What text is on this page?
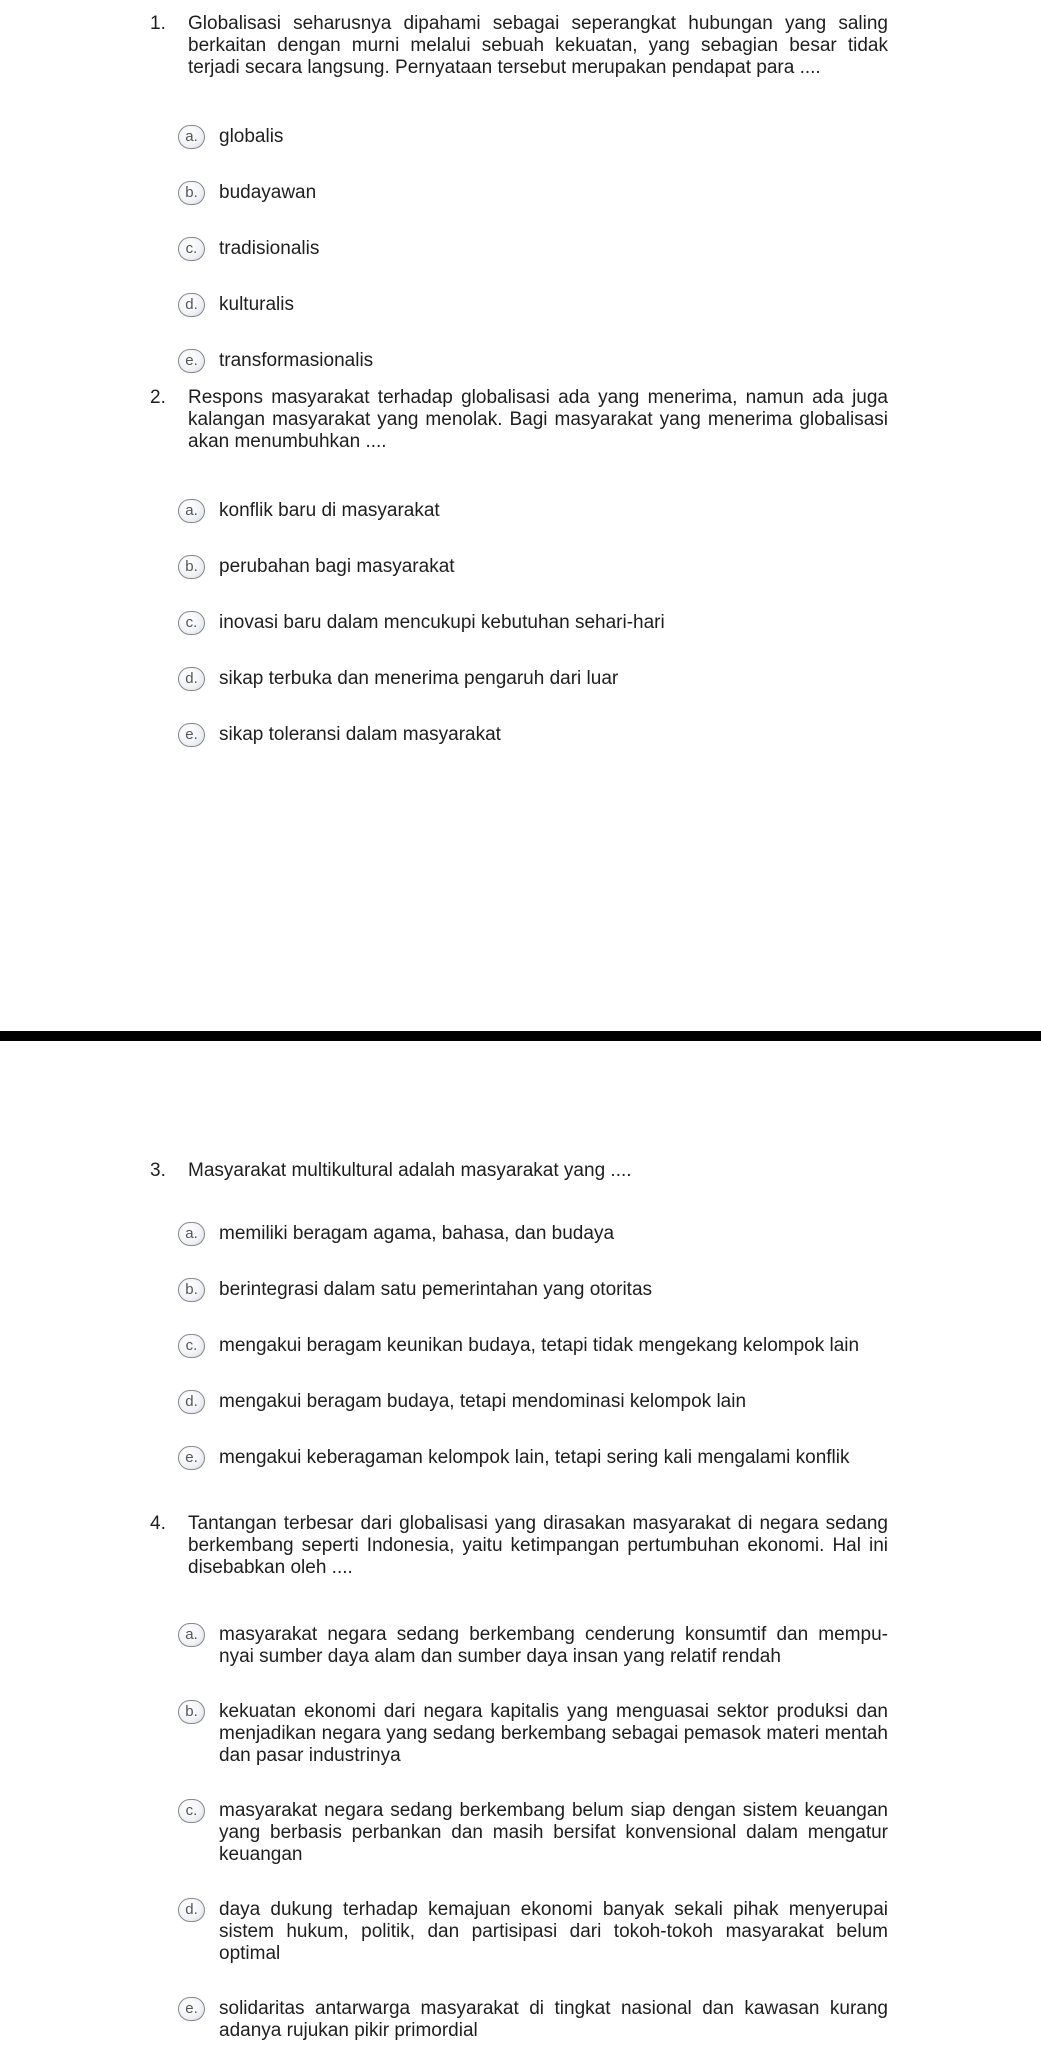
1.	Globalisasi seharusnya dipahami sebagai seperangkat hubungan yang saling berkaitan dengan murni melalui sebuah kekuatan, yang sebagian besar tidak terjadi secara langsung. Pernyataan tersebut merupakan pendapat para ....
a.	globalis
b.	budayawan
c.	tradisionalis
d.	kulturalis
e.	transformasionalis
2.	Respons masyarakat terhadap globalisasi ada yang menerima, namun ada juga kalangan masyarakat yang menolak. Bagi masyarakat yang menerima globalisasi akan menumbuhkan ....
a.	konflik baru di masyarakat
b.	perubahan bagi masyarakat
c.	inovasi baru dalam mencukupi kebutuhan sehari-hari
d.	sikap terbuka dan menerima pengaruh dari luar
e.	sikap toleransi dalam masyarakat
3.	Masyarakat multikultural adalah masyarakat yang ....
a.	memiliki beragam agama, bahasa, dan budaya
b.	berintegrasi dalam satu pemerintahan yang otoritas
c.	mengakui beragam keunikan budaya, tetapi tidak mengekang kelompok lain
d.	mengakui beragam budaya, tetapi mendominasi kelompok lain
e.	mengakui keberagaman kelompok lain, tetapi sering kali mengalami konflik
4.	Tantangan terbesar dari globalisasi yang dirasakan masyarakat di negara sedang berkembang seperti Indonesia, yaitu ketimpangan pertumbuhan ekonomi. Hal ini disebabkan oleh ....
a.	masyarakat negara sedang berkembang cenderung konsumtif dan mempu-nyai sumber daya alam dan sumber daya insan yang relatif rendah
b.	kekuatan ekonomi dari negara kapitalis yang menguasai sektor produksi dan menjadikan negara yang sedang berkembang sebagai pemasok materi mentah dan pasar industrinya
c.	masyarakat negara sedang berkembang belum siap dengan sistem keuangan yang berbasis perbankan dan masih bersifat konvensional dalam mengatur keuangan
d.	daya dukung terhadap kemajuan ekonomi banyak sekali pihak menyerupai sistem hukum, politik, dan partisipasi dari tokoh-tokoh masyarakat belum optimal
e.	solidaritas antarwarga masyarakat di tingkat nasional dan kawasan kurang adanya rujukan pikir primordial
